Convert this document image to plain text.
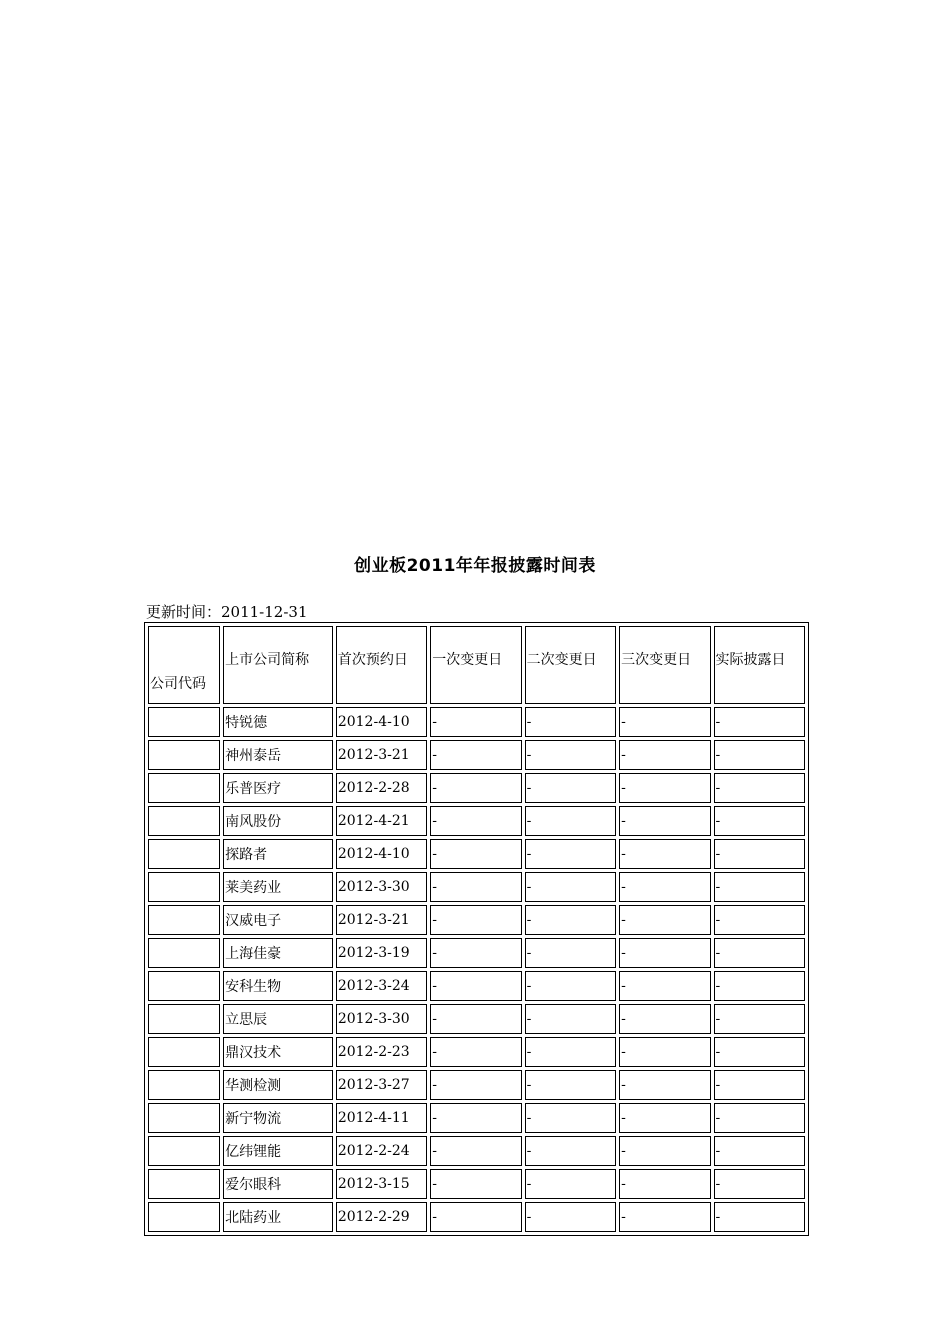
创业板2011年年报披露时间表
更新时间：2011-12-31
公司代码	上市公司简称	首次预约日	一次变更日	二次变更日	三次变更日	实际披露日
	特锐德	2012-4-10	-	-	-	-
	神州泰岳	2012-3-21	-	-	-	-
	乐普医疗	2012-2-28	-	-	-	-
	南风股份	2012-4-21	-	-	-	-
	探路者	2012-4-10	-	-	-	-
	莱美药业	2012-3-30	-	-	-	-
	汉威电子	2012-3-21	-	-	-	-
	上海佳豪	2012-3-19	-	-	-	-
	安科生物	2012-3-24	-	-	-	-
	立思辰	2012-3-30	-	-	-	-
	鼎汉技术	2012-2-23	-	-	-	-
	华测检测	2012-3-27	-	-	-	-
	新宁物流	2012-4-11	-	-	-	-
	亿纬锂能	2012-2-24	-	-	-	-
	爱尔眼科	2012-3-15	-	-	-	-
	北陆药业	2012-2-29	-	-	-	-
